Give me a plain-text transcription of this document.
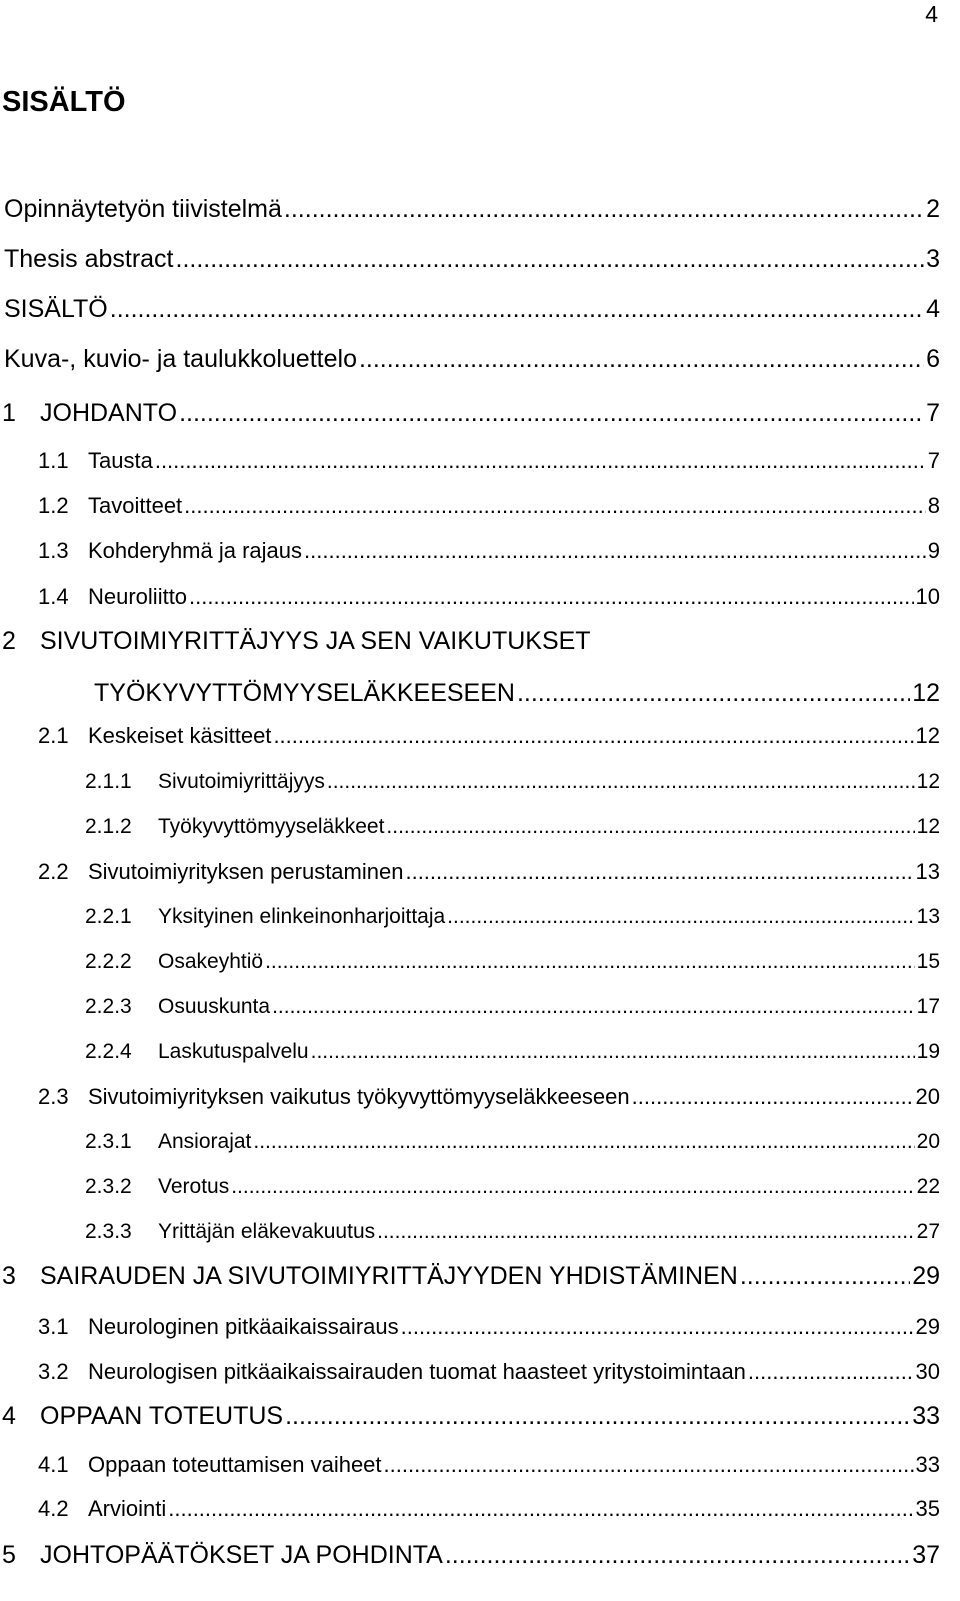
4
SISÄLTÖ
Opinnäytetyön tiivistelmä .....	2
Thesis abstract .....	3
SISÄLTÖ .....	4
Kuva-, kuvio- ja taulukkoluettelo .....	6
1 JOHDANTO .....	7
1.1 Tausta .....	7
1.2 Tavoitteet .....	8
1.3 Kohderyhmä ja rajaus .....	9
1.4 Neuroliitto .....	10
2 SIVUTOIMIYRITTÄJYYS JA SEN VAIKUTUKSET
TYÖKYVYTTÖMYYSELÄKKEESEEN .....	12
2.1 Keskeiset käsitteet .....	12
2.1.1	Sivutoimiyrittäjyys .....	12
2.1.2	Työkyvyttömyyseläkkeet .....	12
2.2 Sivutoimiyrityksen perustaminen .....	13
2.2.1	Yksityinen elinkeinonharjoittaja .....	13
2.2.2	Osakeyhtiö .....	15
2.2.3	Osuuskunta .....	17
2.2.4	Laskutuspalvelu .....	19
2.3 Sivutoimiyrityksen vaikutus työkyvyttömyyseläkkeeseen .....	20
2.3.1	Ansiorajat .....	20
2.3.2	Verotus .....	22
2.3.3	Yrittäjän eläkevakuutus .....	27
3 SAIRAUDEN JA SIVUTOIMIYRITTÄJYYDEN YHDISTÄMINEN .....	29
3.1 Neurologinen pitkäaikaissairaus .....	29
3.2 Neurologisen pitkäaikaissairauden tuomat haasteet yritystoimintaan .....	30
4 OPPAAN TOTEUTUS .....	33
4.1 Oppaan toteuttamisen vaiheet .....	33
4.2 Arviointi .....	35
5 JOHTOPÄÄTÖKSET JA POHDINTA .....	37
